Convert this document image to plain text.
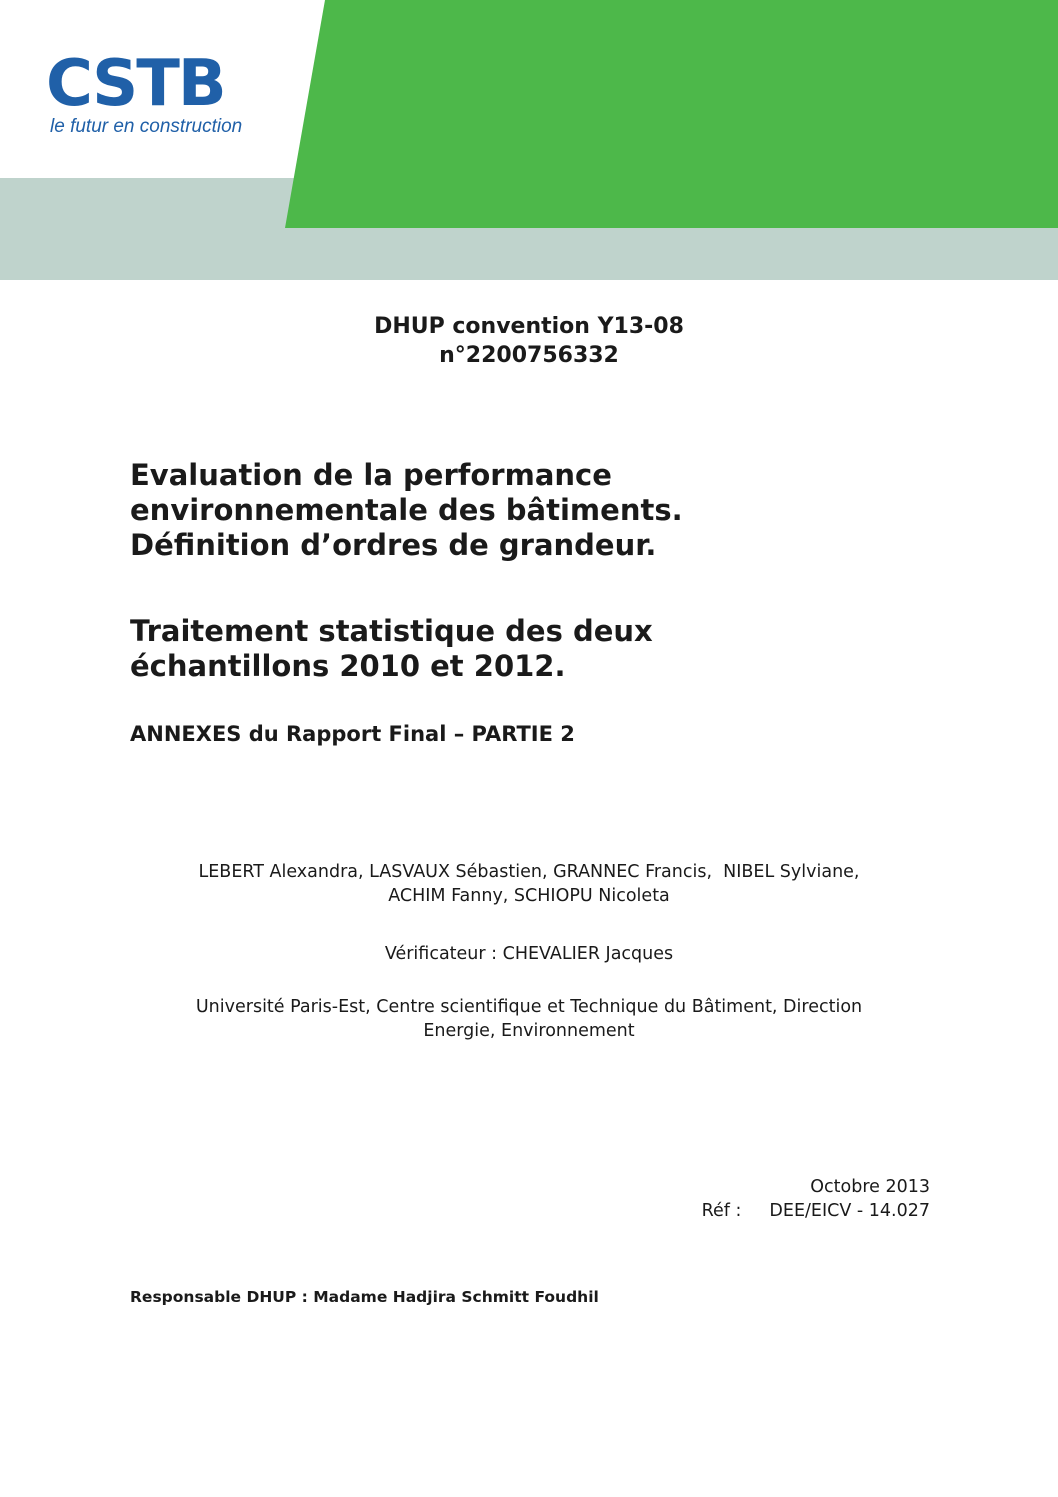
CSTB
le futur en construction
DHUP convention Y13-08
n°2200756332
Evaluation de la performance
environnementale des bâtiments.
Définition d’ordres de grandeur.
Traitement statistique des deux
échantillons 2010 et 2012.
ANNEXES du Rapport Final – PARTIE 2
LEBERT Alexandra, LASVAUX Sébastien, GRANNEC Francis,  NIBEL Sylviane,
ACHIM Fanny, SCHIOPU Nicoleta
Vérificateur : CHEVALIER Jacques
Université Paris-Est, Centre scientifique et Technique du Bâtiment, Direction
Energie, Environnement
Octobre 2013
Réf : DEE/EICV - 14.027
Responsable DHUP : Madame Hadjira Schmitt Foudhil
